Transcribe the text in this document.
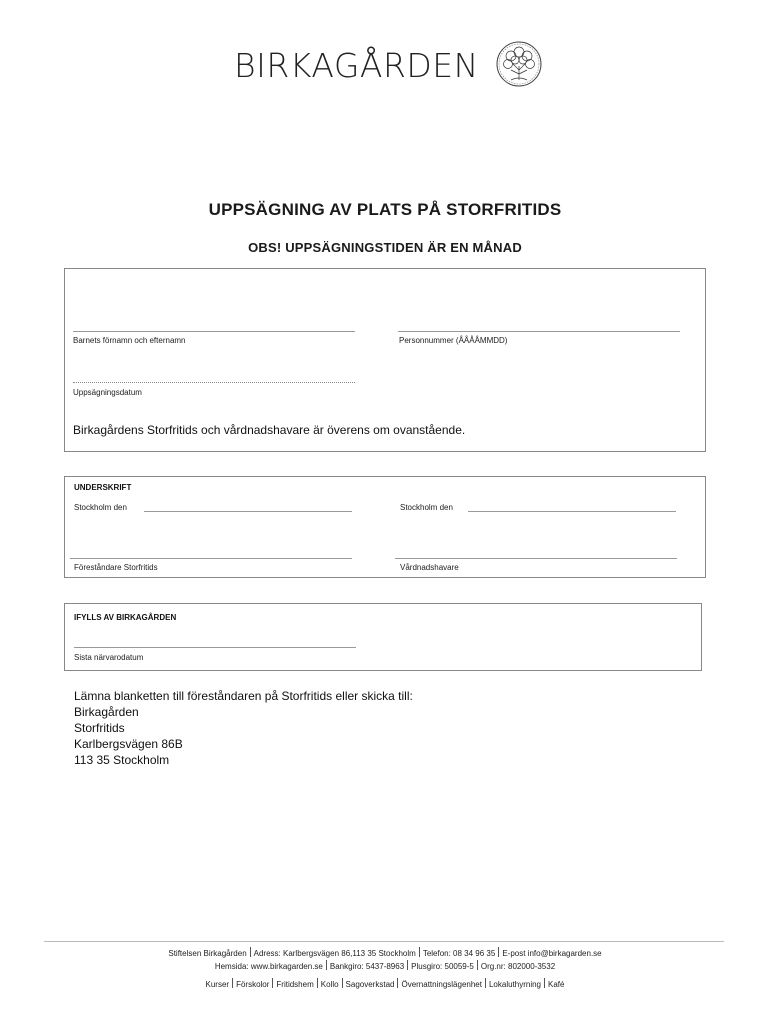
BIRKAGÅRDEN
UPPSÄGNING AV PLATS PÅ STORFRITIDS
OBS! UPPSÄGNINGSTIDEN ÄR EN MÅNAD
Barnets förnamn och efternamn	Personnummer (ÅÅÅÅMMDD)
Uppsägningsdatum
Birkagårdens Storfritids och vårdnadshavare är överens om ovanstående.
UNDERSKRIFT
Stockholm den	Stockholm den
Föreståndare Storfritids	Vårdnadshavare
IFYLLS AV BIRKAGÅRDEN
Sista närvarodatum
Lämna blanketten till föreståndaren på Storfritids eller skicka till:
Birkagården
Storfritids
Karlbergsvägen 86B
113 35 Stockholm
Stiftelsen Birkagården Adress: Karlbergsvägen 86,113 35 Stockholm Telefon: 08 34 96 35 E-post info@birkagarden.se
Hemsida: www.birkagarden.se Bankgiro: 5437-8963 Plusgiro: 50059-5 Org.nr: 802000-3532
Kurser Förskolor Fritidshem Kollo Sagoverkstad Övernattningslägenhet Lokaluthyrning Kafé
